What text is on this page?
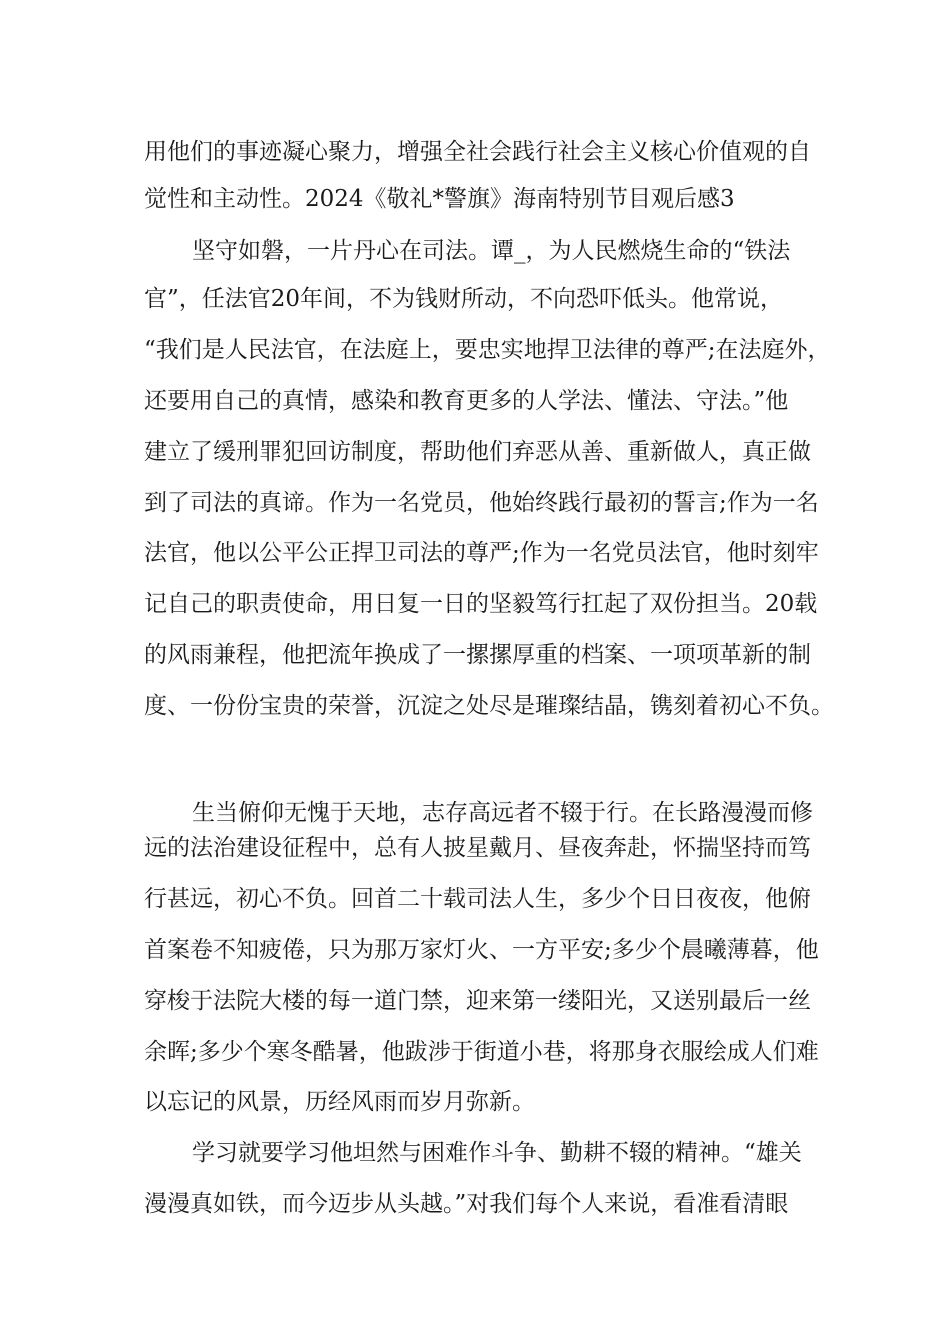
用他们的事迹凝心聚力，增强全社会践行社会主义核心价值观的自
觉性和主动性。2024《敬礼*警旗》海南特别节目观后感3
坚守如磐，一片丹心在司法。谭_，为人民燃烧生命的“铁法
官”，任法官20年间，不为钱财所动，不向恐吓低头。他常说，
“我们是人民法官，在法庭上，要忠实地捍卫法律的尊严;在法庭外，
还要用自己的真情，感染和教育更多的人学法、懂法、守法。”他
建立了缓刑罪犯回访制度，帮助他们弃恶从善、重新做人，真正做
到了司法的真谛。作为一名党员，他始终践行最初的誓言;作为一名
法官，他以公平公正捍卫司法的尊严;作为一名党员法官，他时刻牢
记自己的职责使命，用日复一日的坚毅笃行扛起了双份担当。20载
的风雨兼程，他把流年换成了一摞摞厚重的档案、一项项革新的制
度、一份份宝贵的荣誉，沉淀之处尽是璀璨结晶，镌刻着初心不负。
生当俯仰无愧于天地，志存高远者不辍于行。在长路漫漫而修
远的法治建设征程中，总有人披星戴月、昼夜奔赴，怀揣坚持而笃
行甚远，初心不负。回首二十载司法人生，多少个日日夜夜，他俯
首案卷不知疲倦，只为那万家灯火、一方平安;多少个晨曦薄暮，他
穿梭于法院大楼的每一道门禁，迎来第一缕阳光，又送别最后一丝
余晖;多少个寒冬酷暑，他跋涉于街道小巷，将那身衣服绘成人们难
以忘记的风景，历经风雨而岁月弥新。
学习就要学习他坦然与困难作斗争、勤耕不辍的精神。“雄关
漫漫真如铁，而今迈步从头越。”对我们每个人来说，看准看清眼
